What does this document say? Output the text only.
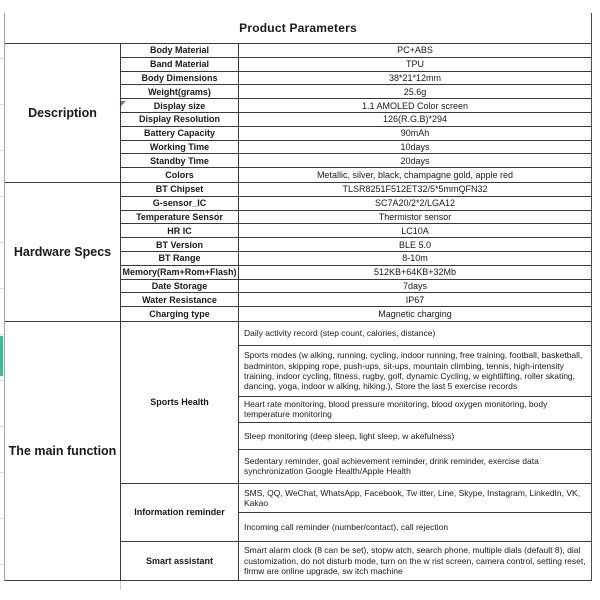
Product Parameters
Description
Body Material	PC+ABS
Band Material	TPU
Body Dimensions	38*21*12mm
Weight(grams)	25.6g
Display size	1.1 AMOLED Color screen
Display Resolution	126(R.G.B)*294
Battery Capacity	90mAh
Working Time	10days
Standby Time	20days
Colors	Metallic, silver, black, champagne gold, apple red
Hardware Specs
BT Chipset	TLSR8251F512ET32/5*5mmQFN32
G-sensor_IC	SC7A20/2*2/LGA12
Temperature Sensor	Thermistor sensor
HR IC	LC10A
BT Version	BLE 5.0
BT Range	8-10m
Memory(Ram+Rom+Flash)	512KB+64KB+32Mb
Date Storage	7days
Water Resistance	IP67
Charging type	Magnetic charging
The main function
Sports Health
Daily activity record (step count, calories, distance)
Sports modes (w alking, running, cycling, indoor running, free training, football, basketball, badminton, skipping rope, push-ups, sit-ups, mountain climbing, tennis, high-intensity training, indoor cycling, fitness, rugby, golf, dynamic Cycling, w eightlifting, roller skating, dancing, yoga, indoor w alking, hiking.), Store the last 5 exercise records
Heart rate monitoring, blood pressure monitoring, blood oxygen monitoring, body temperature monitoring
Sleep monitoring (deep sleep, light sleep, w akefulness)
Sedentary reminder, goal achievement reminder, drink reminder, exercise data synchronization Google Health/Apple Health
Information reminder
SMS, QQ, WeChat, WhatsApp, Facebook, Tw itter, Line, Skype, Instagram, LinkedIn, VK, Kakao
Incoming call reminder (number/contact), call rejection
Smart assistant
Smart alarm clock (8 can be set), stopw atch, search phone, multiple dials (default 8), dial customization, do not disturb mode, turn on the w rist screen, camera control, setting reset, firmw are online upgrade, sw itch machine
